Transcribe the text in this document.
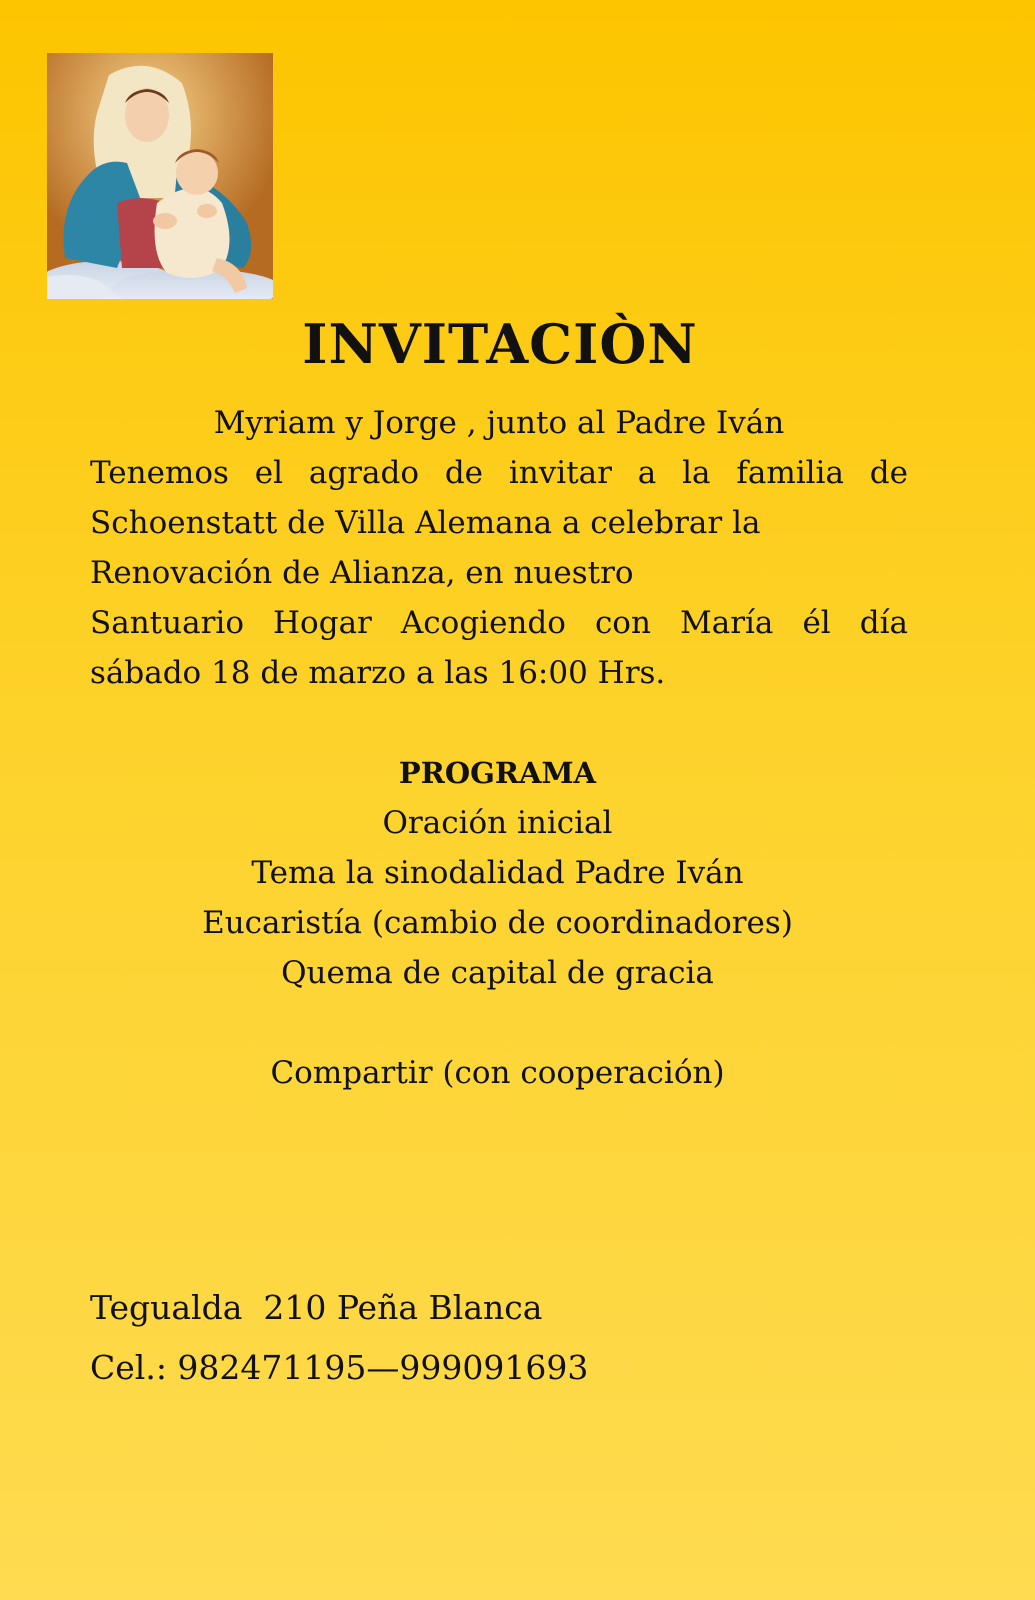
INVITACIÒN
Myriam y Jorge , junto al Padre Iván
Tenemos el agrado de invitar a la familia de
Schoenstatt de Villa Alemana a celebrar la
Renovación de Alianza, en nuestro
Santuario Hogar Acogiendo con María él día
sábado 18 de marzo a las 16:00 Hrs.
PROGRAMA
Oración inicial
Tema la sinodalidad Padre Iván
Eucaristía (cambio de coordinadores)
Quema de capital de gracia
Compartir (con cooperación)
Tegualda  210 Peña Blanca
Cel.: 982471195—999091693
